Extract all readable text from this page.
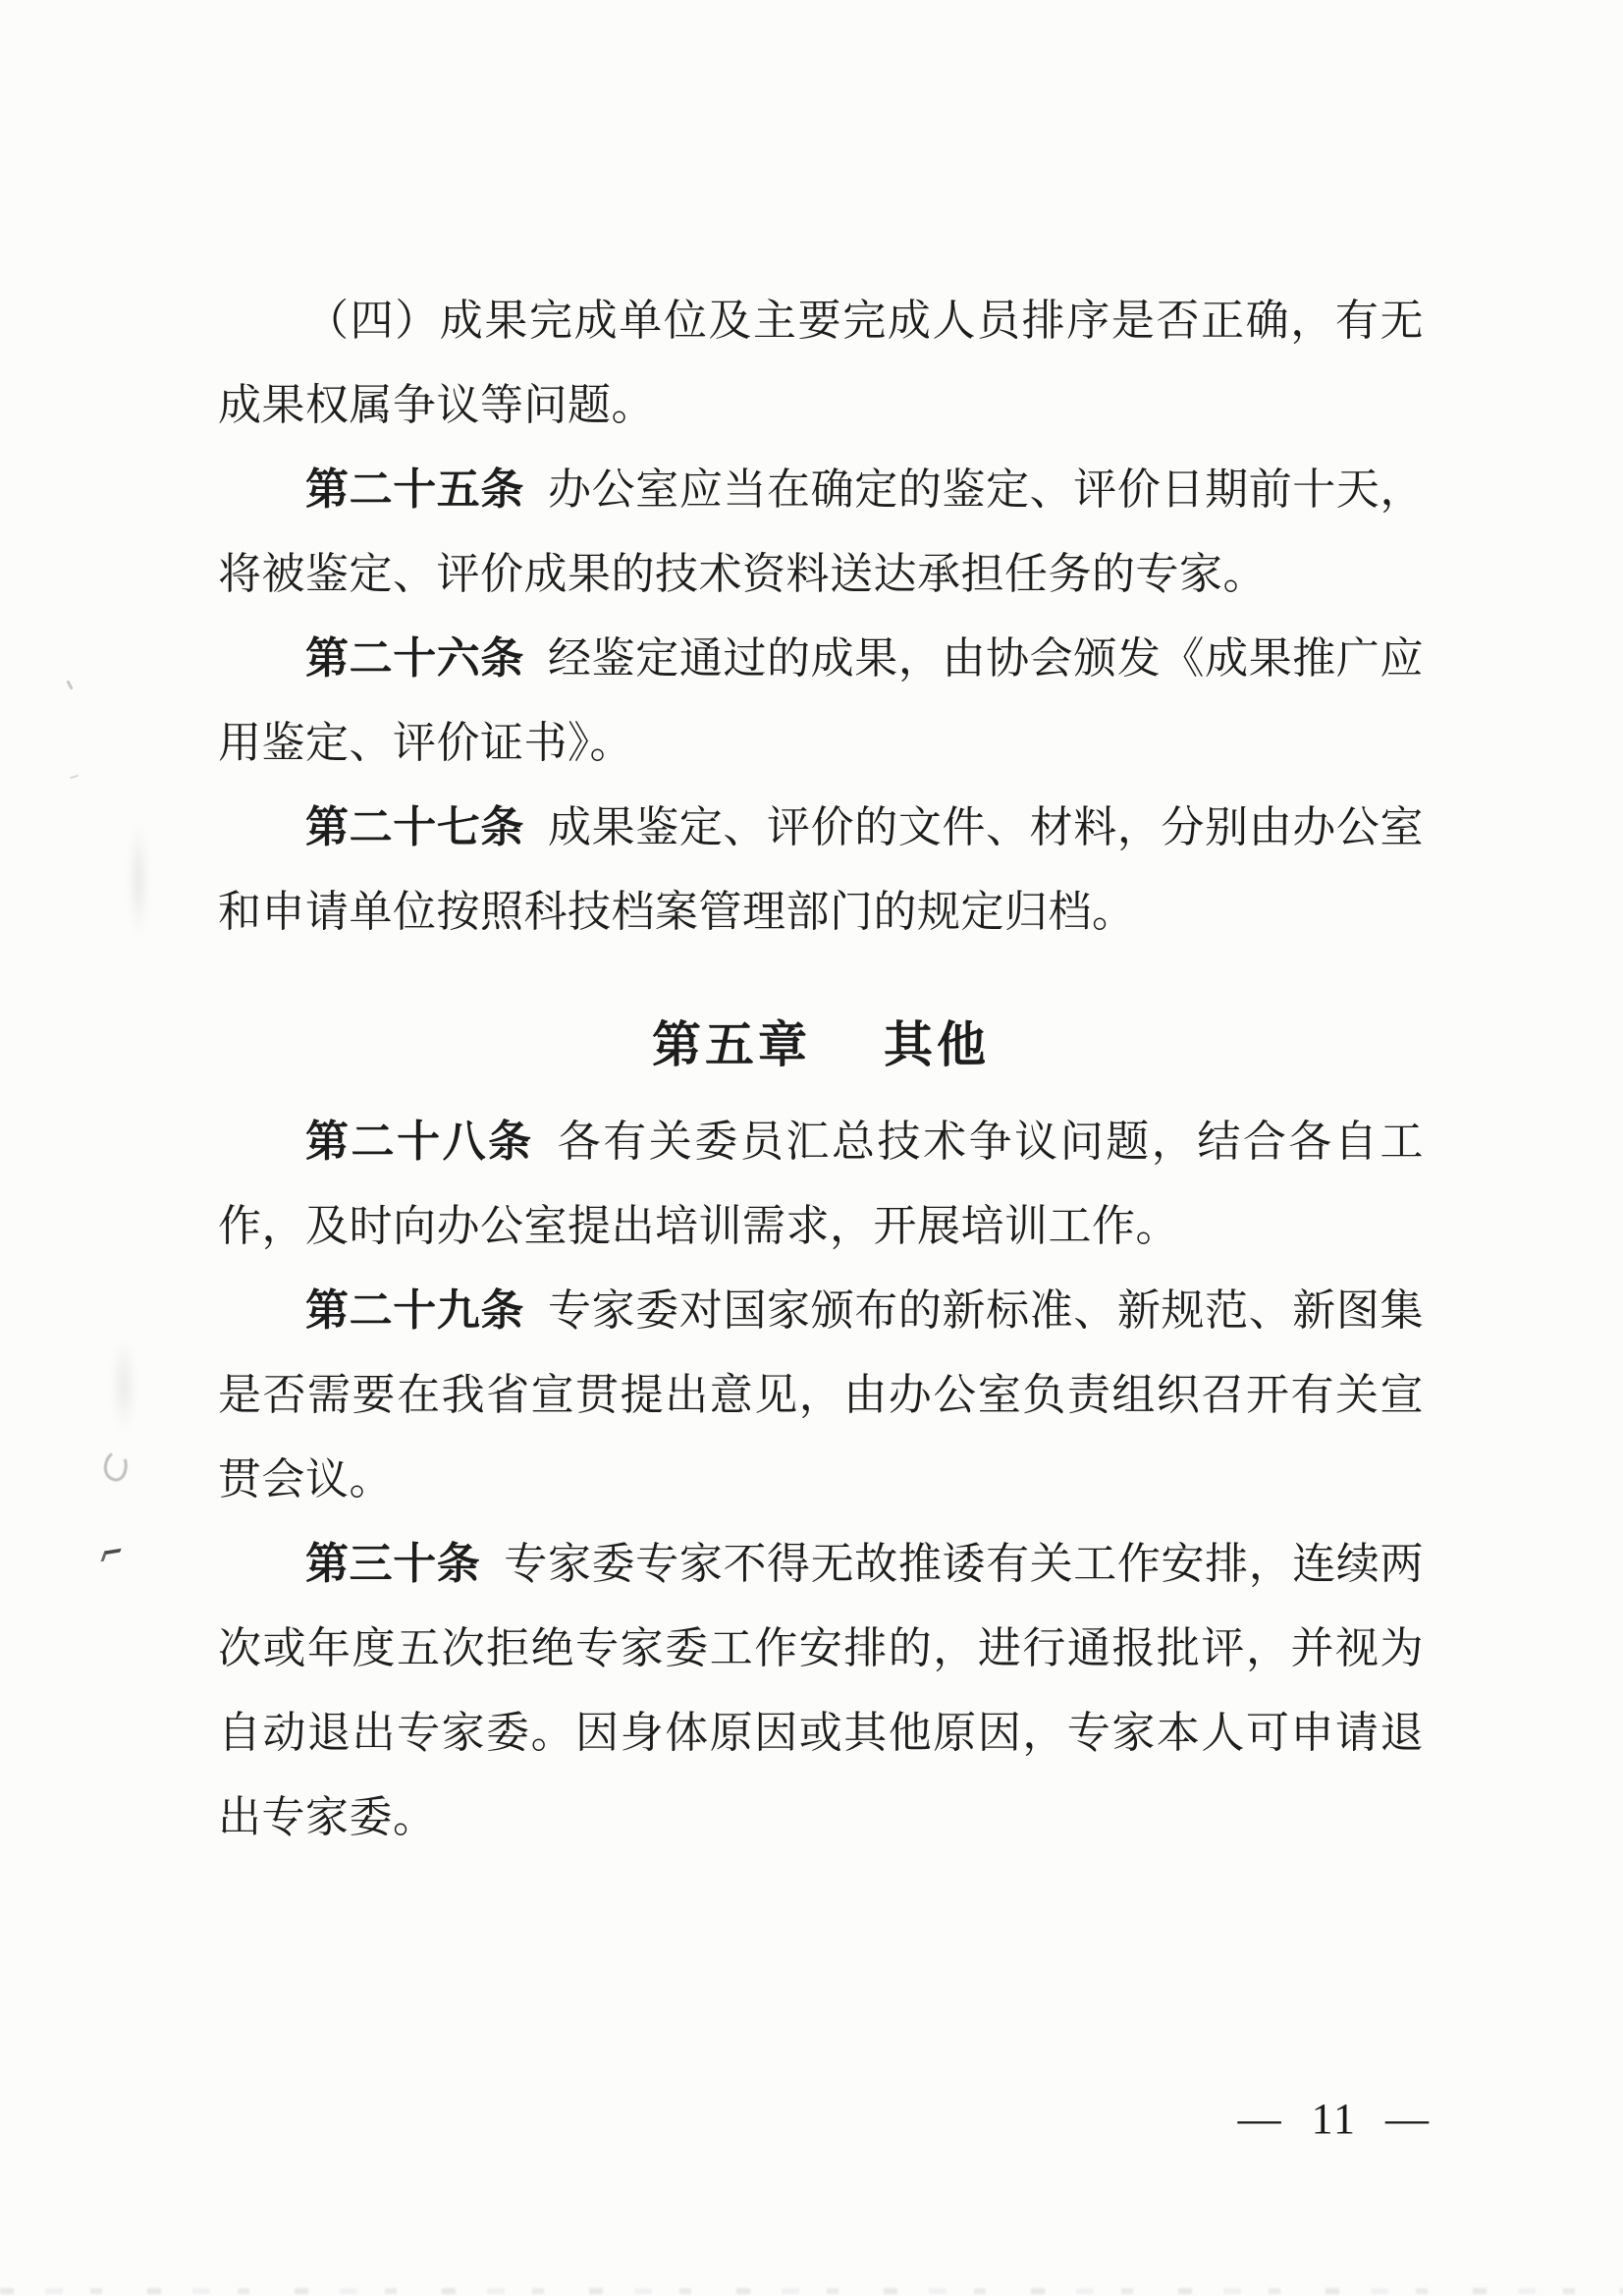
（四）成果完成单位及主要完成人员排序是否正确，有无成果权属争议等问题。

第二十五条 办公室应当在确定的鉴定、评价日期前十天，将被鉴定、评价成果的技术资料送达承担任务的专家。

第二十六条 经鉴定通过的成果，由协会颁发《成果推广应用鉴定、评价证书》。

第二十七条 成果鉴定、评价的文件、材料，分别由办公室和申请单位按照科技档案管理部门的规定归档。

第五章 其他

第二十八条 各有关委员汇总技术争议问题，结合各自工作，及时向办公室提出培训需求，开展培训工作。

第二十九条 专家委对国家颁布的新标准、新规范、新图集是否需要在我省宣贯提出意见，由办公室负责组织召开有关宣贯会议。

第三十条 专家委专家不得无故推诿有关工作安排，连续两次或年度五次拒绝专家委工作安排的，进行通报批评，并视为自动退出专家委。因身体原因或其他原因，专家本人可申请退出专家委。

— 11 —
